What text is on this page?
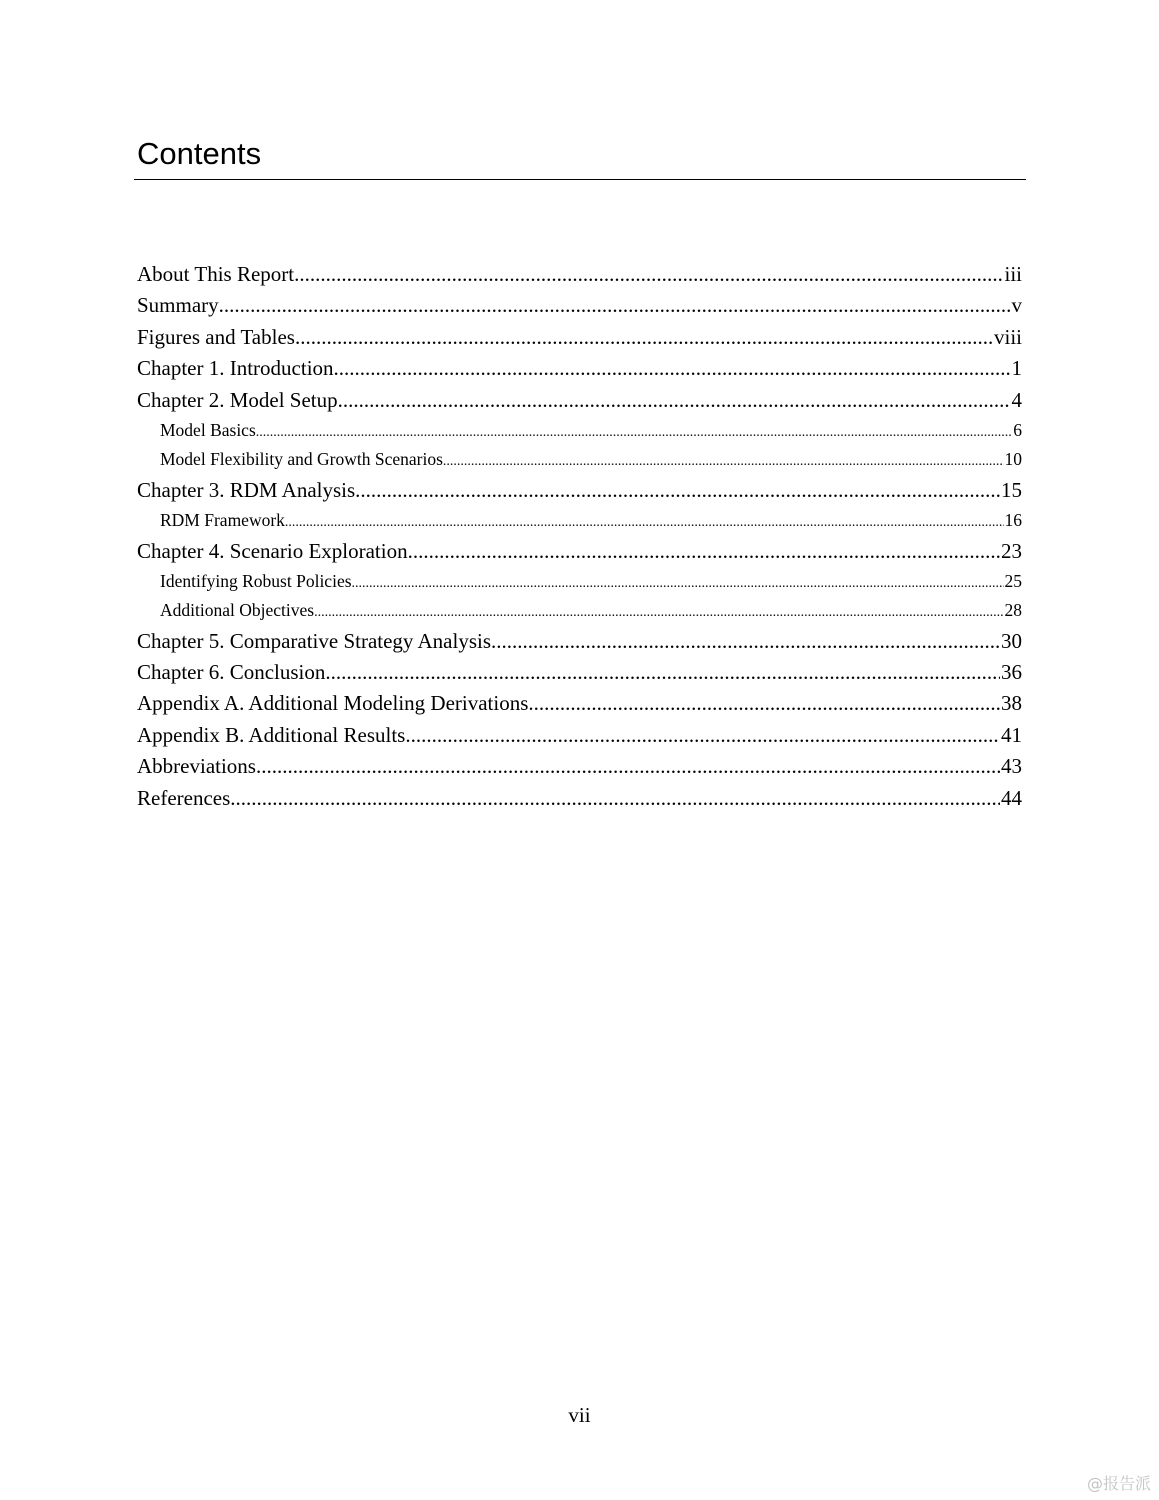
Contents
About This Report .....	iii
Summary .....	v
Figures and Tables .....	viii
Chapter 1. Introduction .....	1
Chapter 2. Model Setup .....	4
Model Basics .....	6
Model Flexibility and Growth Scenarios .....	10
Chapter 3. RDM Analysis .....	15
RDM Framework .....	16
Chapter 4. Scenario Exploration .....	23
Identifying Robust Policies .....	25
Additional Objectives .....	28
Chapter 5. Comparative Strategy Analysis .....	30
Chapter 6. Conclusion .....	36
Appendix A. Additional Modeling Derivations .....	38
Appendix B. Additional Results .....	41
Abbreviations .....	43
References .....	44
vii
@报告派
